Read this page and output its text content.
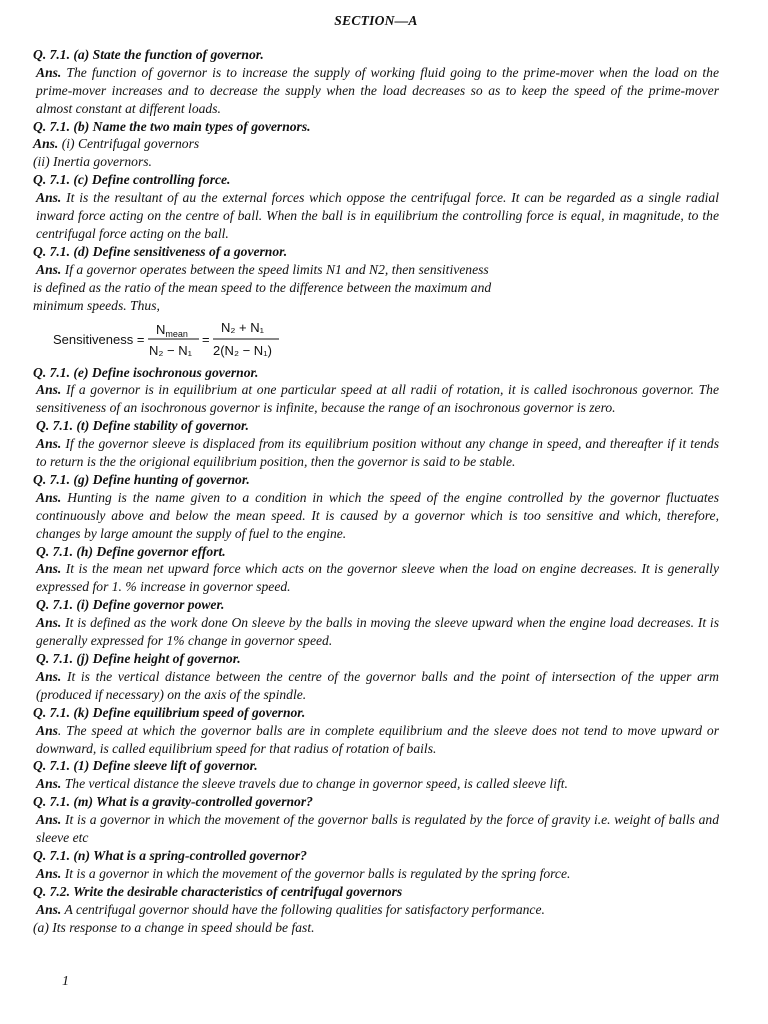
SECTION—A

Q. 7.1. (a) State the function of governor.

Ans. The function of governor is to increase the supply of working fluid going to the prime-mover when the load on the prime-mover increases and to decrease the supply when the load decreases so as to keep the speed of the prime-mover almost constant at different loads.

Q. 7.1. (b) Name the two main types of governors.

Ans. (i) Centrifugal governors

(ii) Inertia governors.

Q. 7.1. (c) Define controlling force.

Ans. It is the resultant of au the external forces which oppose the centrifugal force. It can be regarded as a single radial inward force acting on the centre of ball. When the ball is in equilibrium the controlling force is equal, in magnitude, to the centrifugal force acting on the ball.

Q. 7.1. (d) Define sensitiveness of a governor.

Ans. If a governor operates between the speed limits N1 and N2, then sensitiveness

is defined as the ratio of the mean speed to the difference between the maximum and

minimum speeds. Thus,

Sensitiveness =
$N_{mean}$
N₂ − N₁
=
N₂ + N₁
2(N₂ − N₁)

Q. 7.1. (e) Define isochronous governor.

Ans. If a governor is in equilibrium at one particular speed at all radii of rotation, it is called isochronous governor. The sensitiveness of an isochronous governor is infinite, because the range of an isochronous governor is zero.

Q. 7.1. (t) Define stability of governor.

Ans. If the governor sleeve is displaced from its equilibrium position without any change in speed, and thereafter if it tends to return is the the origional equilibrium position, then the governor is said to be stable.

Q. 7.1. (g) Define hunting of governor.

Ans. Hunting is the name given to a condition in which the speed of the engine controlled by the governor fluctuates continuously above and below the mean speed. It is caused by a governor which is too sensitive and which, therefore, changes by large amount the supply of fuel to the engine.

Q. 7.1. (h) Define governor effort.

Ans. It is the mean net upward force which acts on the governor sleeve when the load on engine decreases. It is generally expressed for 1. % increase in governor speed.

Q. 7.1. (i) Define governor power.

Ans. It is defined as the work done On sleeve by the balls in moving the sleeve upward when the engine load decreases. It is generally expressed for 1% change in governor speed.

Q. 7.1. (j) Define height of governor.

Ans. It is the vertical distance between the centre of the governor balls and the point of intersection of the upper arm (produced if necessary) on the axis of the spindle.

Q. 7.1. (k) Define equilibrium speed of governor.

Ans. The speed at which the governor balls are in complete equilibrium and the sleeve does not tend to move upward or downward, is called equilibrium speed for that radius of rotation of bails.

Q. 7.1. (1) Define sleeve lift of governor.

Ans. The vertical distance the sleeve travels due to change in governor speed, is called sleeve lift.

Q. 7.1. (m) What is a gravity-controlled governor?

Ans. It is a governor in which the movement of the governor balls is regulated by the force of gravity i.e. weight of balls and sleeve etc

Q. 7.1. (n) What is a spring-controlled governor?

Ans. It is a governor in which the movement of the governor balls is regulated by the spring force.

Q. 7.2. Write the desirable characteristics of centrifugal governors

Ans. A centrifugal governor should have the following qualities for satisfactory performance.

(a) Its response to a change in speed should be fast.

1
